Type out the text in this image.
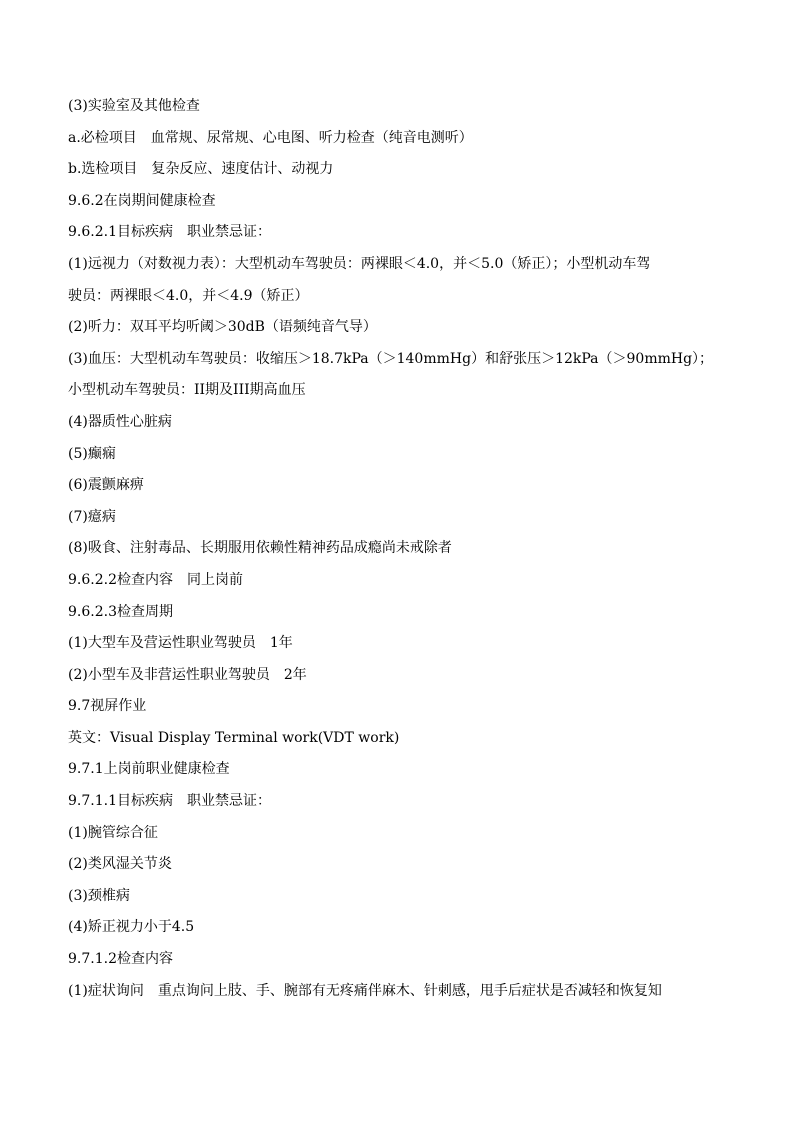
(3)实验室及其他检查
a.必检项目　血常规、尿常规、心电图、听力检查（纯音电测听）
b.选检项目　复杂反应、速度估计、动视力
9.6.2在岗期间健康检查
9.6.2.1目标疾病　职业禁忌证：
(1)远视力（对数视力表）：大型机动车驾驶员：两裸眼＜4.0，并＜5.0（矫正）；小型机动车驾
驶员：两裸眼＜4.0，并＜4.9（矫正）
(2)听力：双耳平均听阈＞30dB（语频纯音气导）
(3)血压：大型机动车驾驶员：收缩压＞18.7kPa（＞140mmHg）和舒张压＞12kPa（＞90mmHg）；
小型机动车驾驶员：II期及III期高血压
(4)器质性心脏病
(5)癫痫
(6)震颤麻痹
(7)癔病
(8)吸食、注射毒品、长期服用依赖性精神药品成瘾尚未戒除者
9.6.2.2检查内容　同上岗前
9.6.2.3检查周期
(1)大型车及营运性职业驾驶员　1年
(2)小型车及非营运性职业驾驶员　2年
9.7视屏作业
英文：Visual Display Terminal work(VDT work)
9.7.1上岗前职业健康检查
9.7.1.1目标疾病　职业禁忌证：
(1)腕管综合征
(2)类风湿关节炎
(3)颈椎病
(4)矫正视力小于4.5
9.7.1.2检查内容
(1)症状询问　重点询问上肢、手、腕部有无疼痛伴麻木、针刺感，甩手后症状是否减轻和恢复知
